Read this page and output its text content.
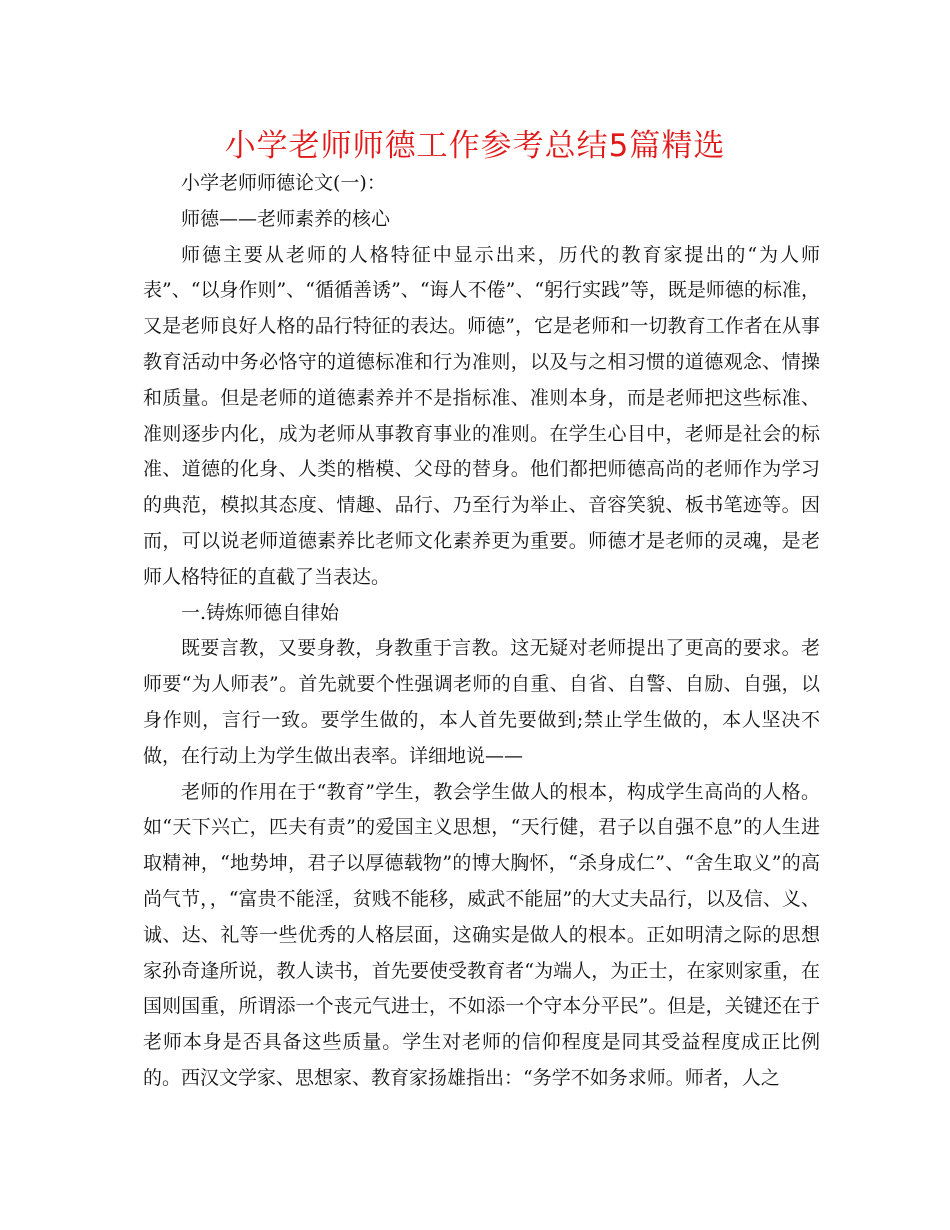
小学老师师德工作参考总结5篇精选

小学老师师德论文(一)：

师德——老师素养的核心

师德主要从老师的人格特征中显示出来，历代的教育家提出的“为人师表”、“以身作则”、“循循善诱”、“诲人不倦”、“躬行实践”等，既是师德的标准，又是老师良好人格的品行特征的表达。师德”，它是老师和一切教育工作者在从事教育活动中务必恪守的道德标准和行为准则，以及与之相习惯的道德观念、情操和质量。但是老师的道德素养并不是指标准、准则本身，而是老师把这些标准、准则逐步内化，成为老师从事教育事业的准则。在学生心目中，老师是社会的标准、道德的化身、人类的楷模、父母的替身。他们都把师德高尚的老师作为学习的典范，模拟其态度、情趣、品行、乃至行为举止、音容笑貌、板书笔迹等。因而，可以说老师道德素养比老师文化素养更为重要。师德才是老师的灵魂，是老师人格特征的直截了当表达。

一.铸炼师德自律始

既要言教，又要身教，身教重于言教。这无疑对老师提出了更高的要求。老师要“为人师表”。首先就要个性强调老师的自重、自省、自警、自励、自强，以身作则，言行一致。要学生做的，本人首先要做到;禁止学生做的，本人坚决不做，在行动上为学生做出表率。详细地说——

老师的作用在于“教育”学生，教会学生做人的根本，构成学生高尚的人格。如“天下兴亡，匹夫有责”的爱国主义思想，“天行健，君子以自强不息”的人生进取精神，“地势坤，君子以厚德载物”的博大胸怀，“杀身成仁”、“舍生取义”的高尚气节，，“富贵不能淫，贫贱不能移，威武不能屈”的大丈夫品行，以及信、义、诚、达、礼等一些优秀的人格层面，这确实是做人的根本。正如明清之际的思想家孙奇逢所说，教人读书，首先要使受教育者“为端人，为正士，在家则家重，在国则国重，所谓添一个丧元气进士，不如添一个守本分平民”。但是，关键还在于老师本身是否具备这些质量。学生对老师的信仰程度是同其受益程度成正比例的。西汉文学家、思想家、教育家扬雄指出：“务学不如务求师。师者，人之
